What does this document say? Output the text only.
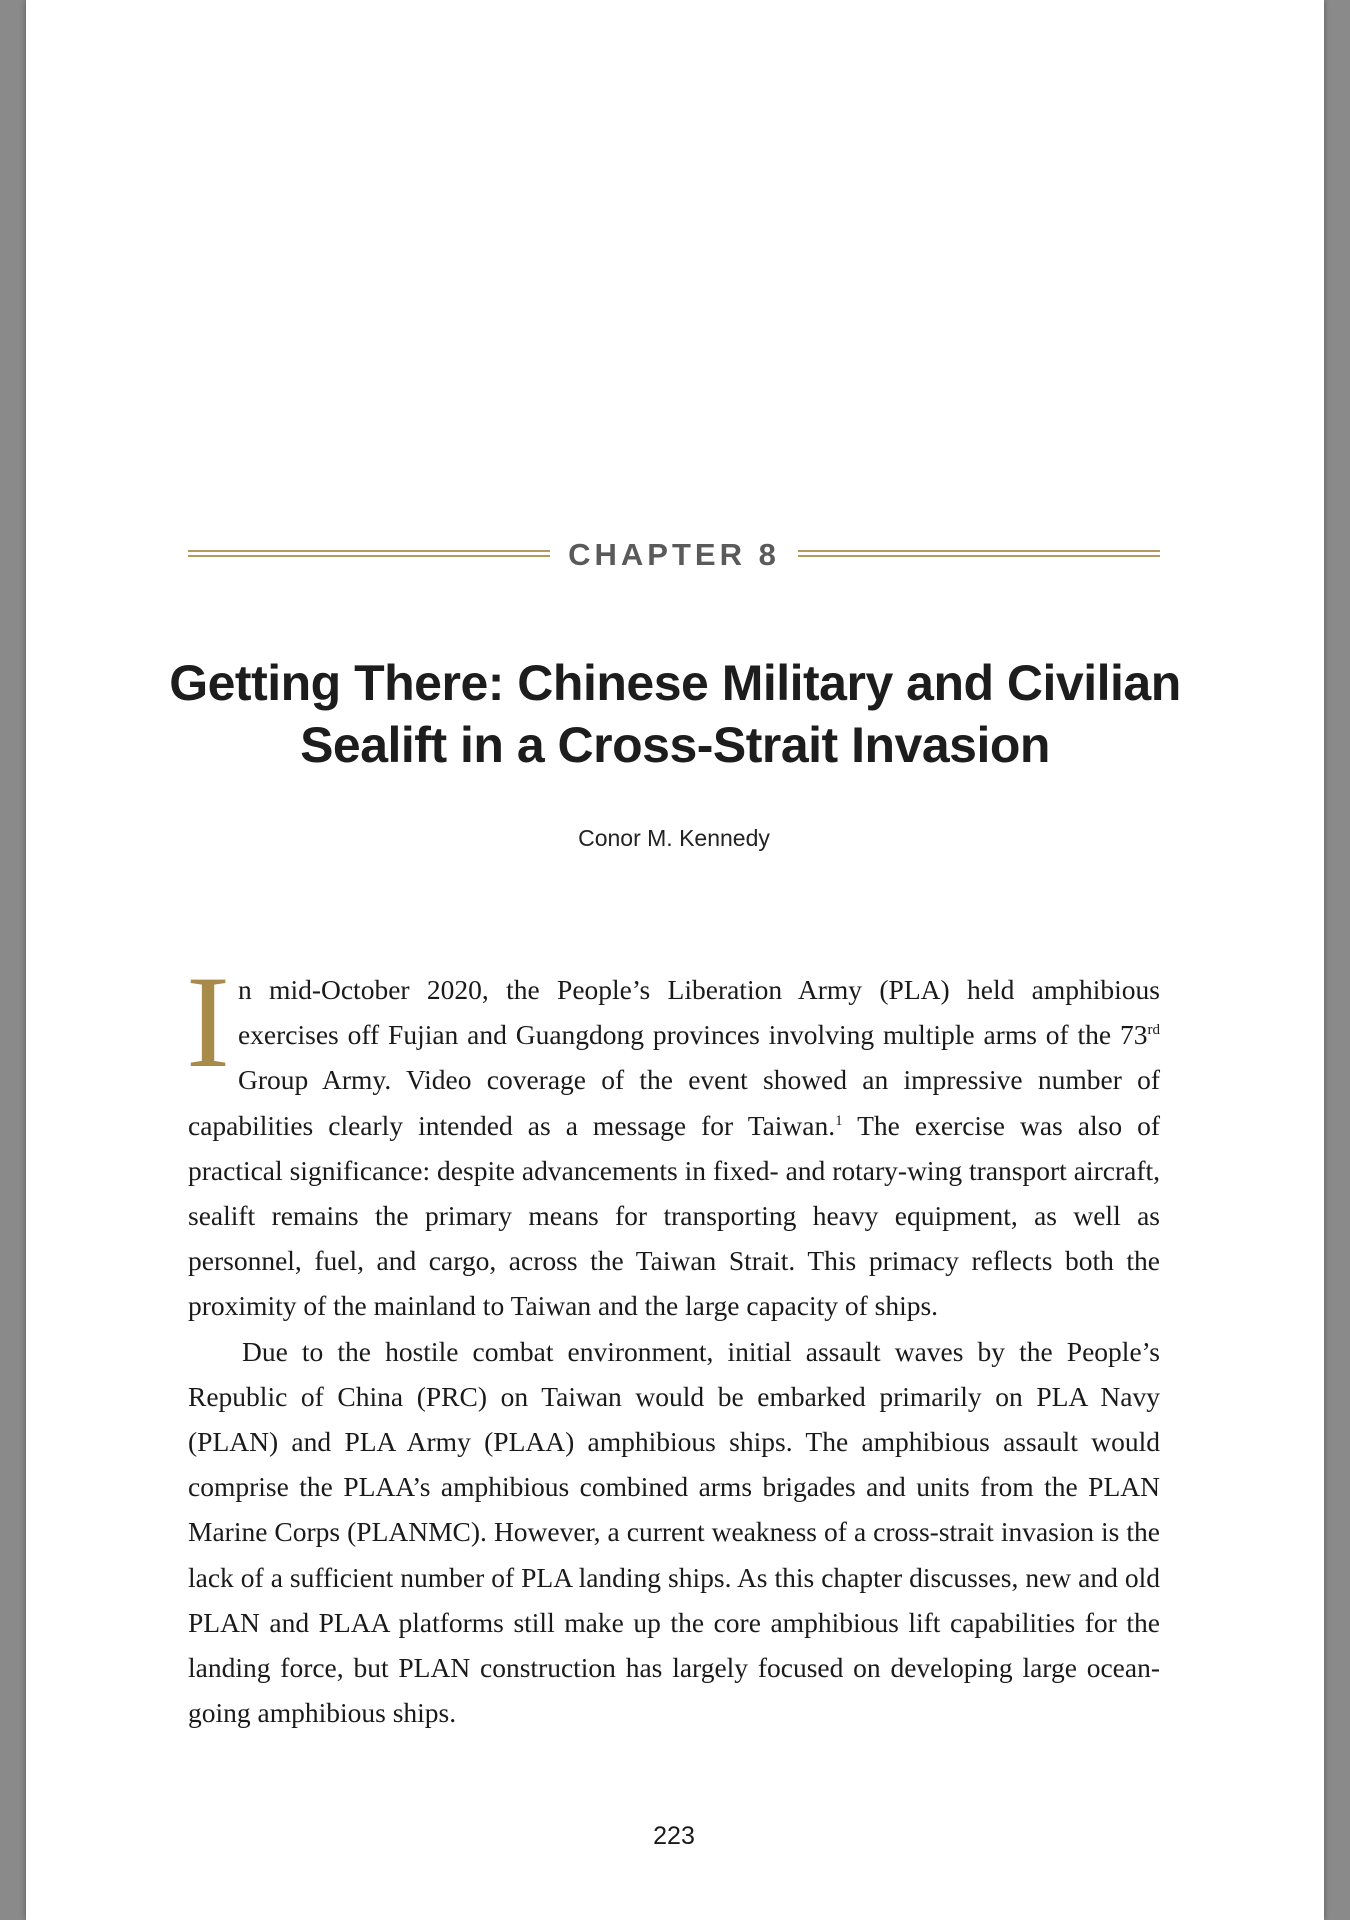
CHAPTER 8
Getting There: Chinese Military and Civilian
Sealift in a Cross-Strait Invasion
Conor M. Kennedy

In mid-October 2020, the People’s Liberation Army (PLA) held amphibious exercises off Fujian and Guangdong provinces involving multiple arms of the 73rd Group Army. Video coverage of the event showed an impressive number of capabilities clearly intended as a message for Taiwan.$^1$ The exercise was also of practical significance: despite advancements in fixed- and rotary-wing transport aircraft, sealift remains the primary means for transporting heavy equipment, as well as personnel, fuel, and cargo, across the Taiwan Strait. This primacy reflects both the proximity of the mainland to Taiwan and the large capacity of ships.

Due to the hostile combat environment, initial assault waves by the People’s Republic of China (PRC) on Taiwan would be embarked primarily on PLA Navy (PLAN) and PLA Army (PLAA) amphibious ships. The amphibious assault would comprise the PLAA’s amphibious combined arms brigades and units from the PLAN Marine Corps (PLANMC). However, a current weakness of a cross-strait invasion is the lack of a sufficient number of PLA landing ships. As this chapter discusses, new and old PLAN and PLAA platforms still make up the core amphibious lift capabilities for the landing force, but PLAN construction has largely focused on developing large ocean-going amphibious ships.

223
